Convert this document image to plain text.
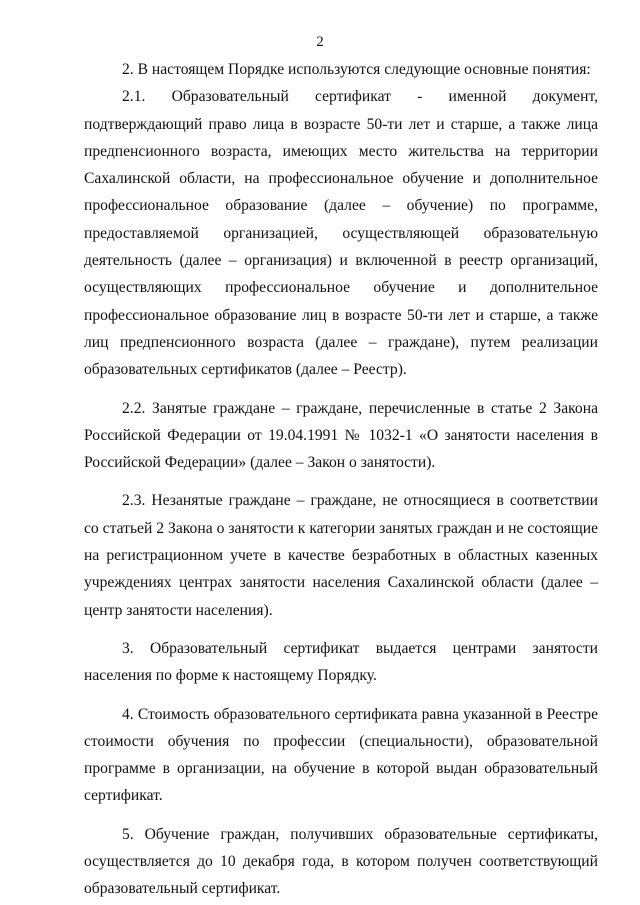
2

2. В настоящем Порядке используются следующие основные понятия:

2.1. Образовательный сертификат - именной документ, подтверждающий право лица в возрасте 50-ти лет и старше, а также лица предпенсионного возраста, имеющих место жительства на территории Сахалинской области, на профессиональное обучение и дополнительное профессиональное образование (далее – обучение) по программе, предоставляемой организацией, осуществляющей образовательную деятельность (далее – организация) и включенной в реестр организаций, осуществляющих профессиональное обучение и дополнительное профессиональное образование лиц в возрасте 50-ти лет и старше, а также лиц предпенсионного возраста (далее – граждане), путем реализации образовательных сертификатов (далее – Реестр).

2.2. Занятые граждане – граждане, перечисленные в статье 2 Закона Российской Федерации от 19.04.1991 № 1032-1 «О занятости населения в Российской Федерации» (далее – Закон о занятости).

2.3. Незанятые граждане – граждане, не относящиеся в соответствии со статьей 2 Закона о занятости к категории занятых граждан и не состоящие на регистрационном учете в качестве безработных в областных казенных учреждениях центрах занятости населения Сахалинской области (далее – центр занятости населения).

3. Образовательный сертификат выдается центрами занятости населения по форме к настоящему Порядку.

4. Стоимость образовательного сертификата равна указанной в Реестре стоимости обучения по профессии (специальности), образовательной программе в организации, на обучение в которой выдан образовательный сертификат.

5. Обучение граждан, получивших образовательные сертификаты, осуществляется до 10 декабря года, в котором получен соответствующий образовательный сертификат.
